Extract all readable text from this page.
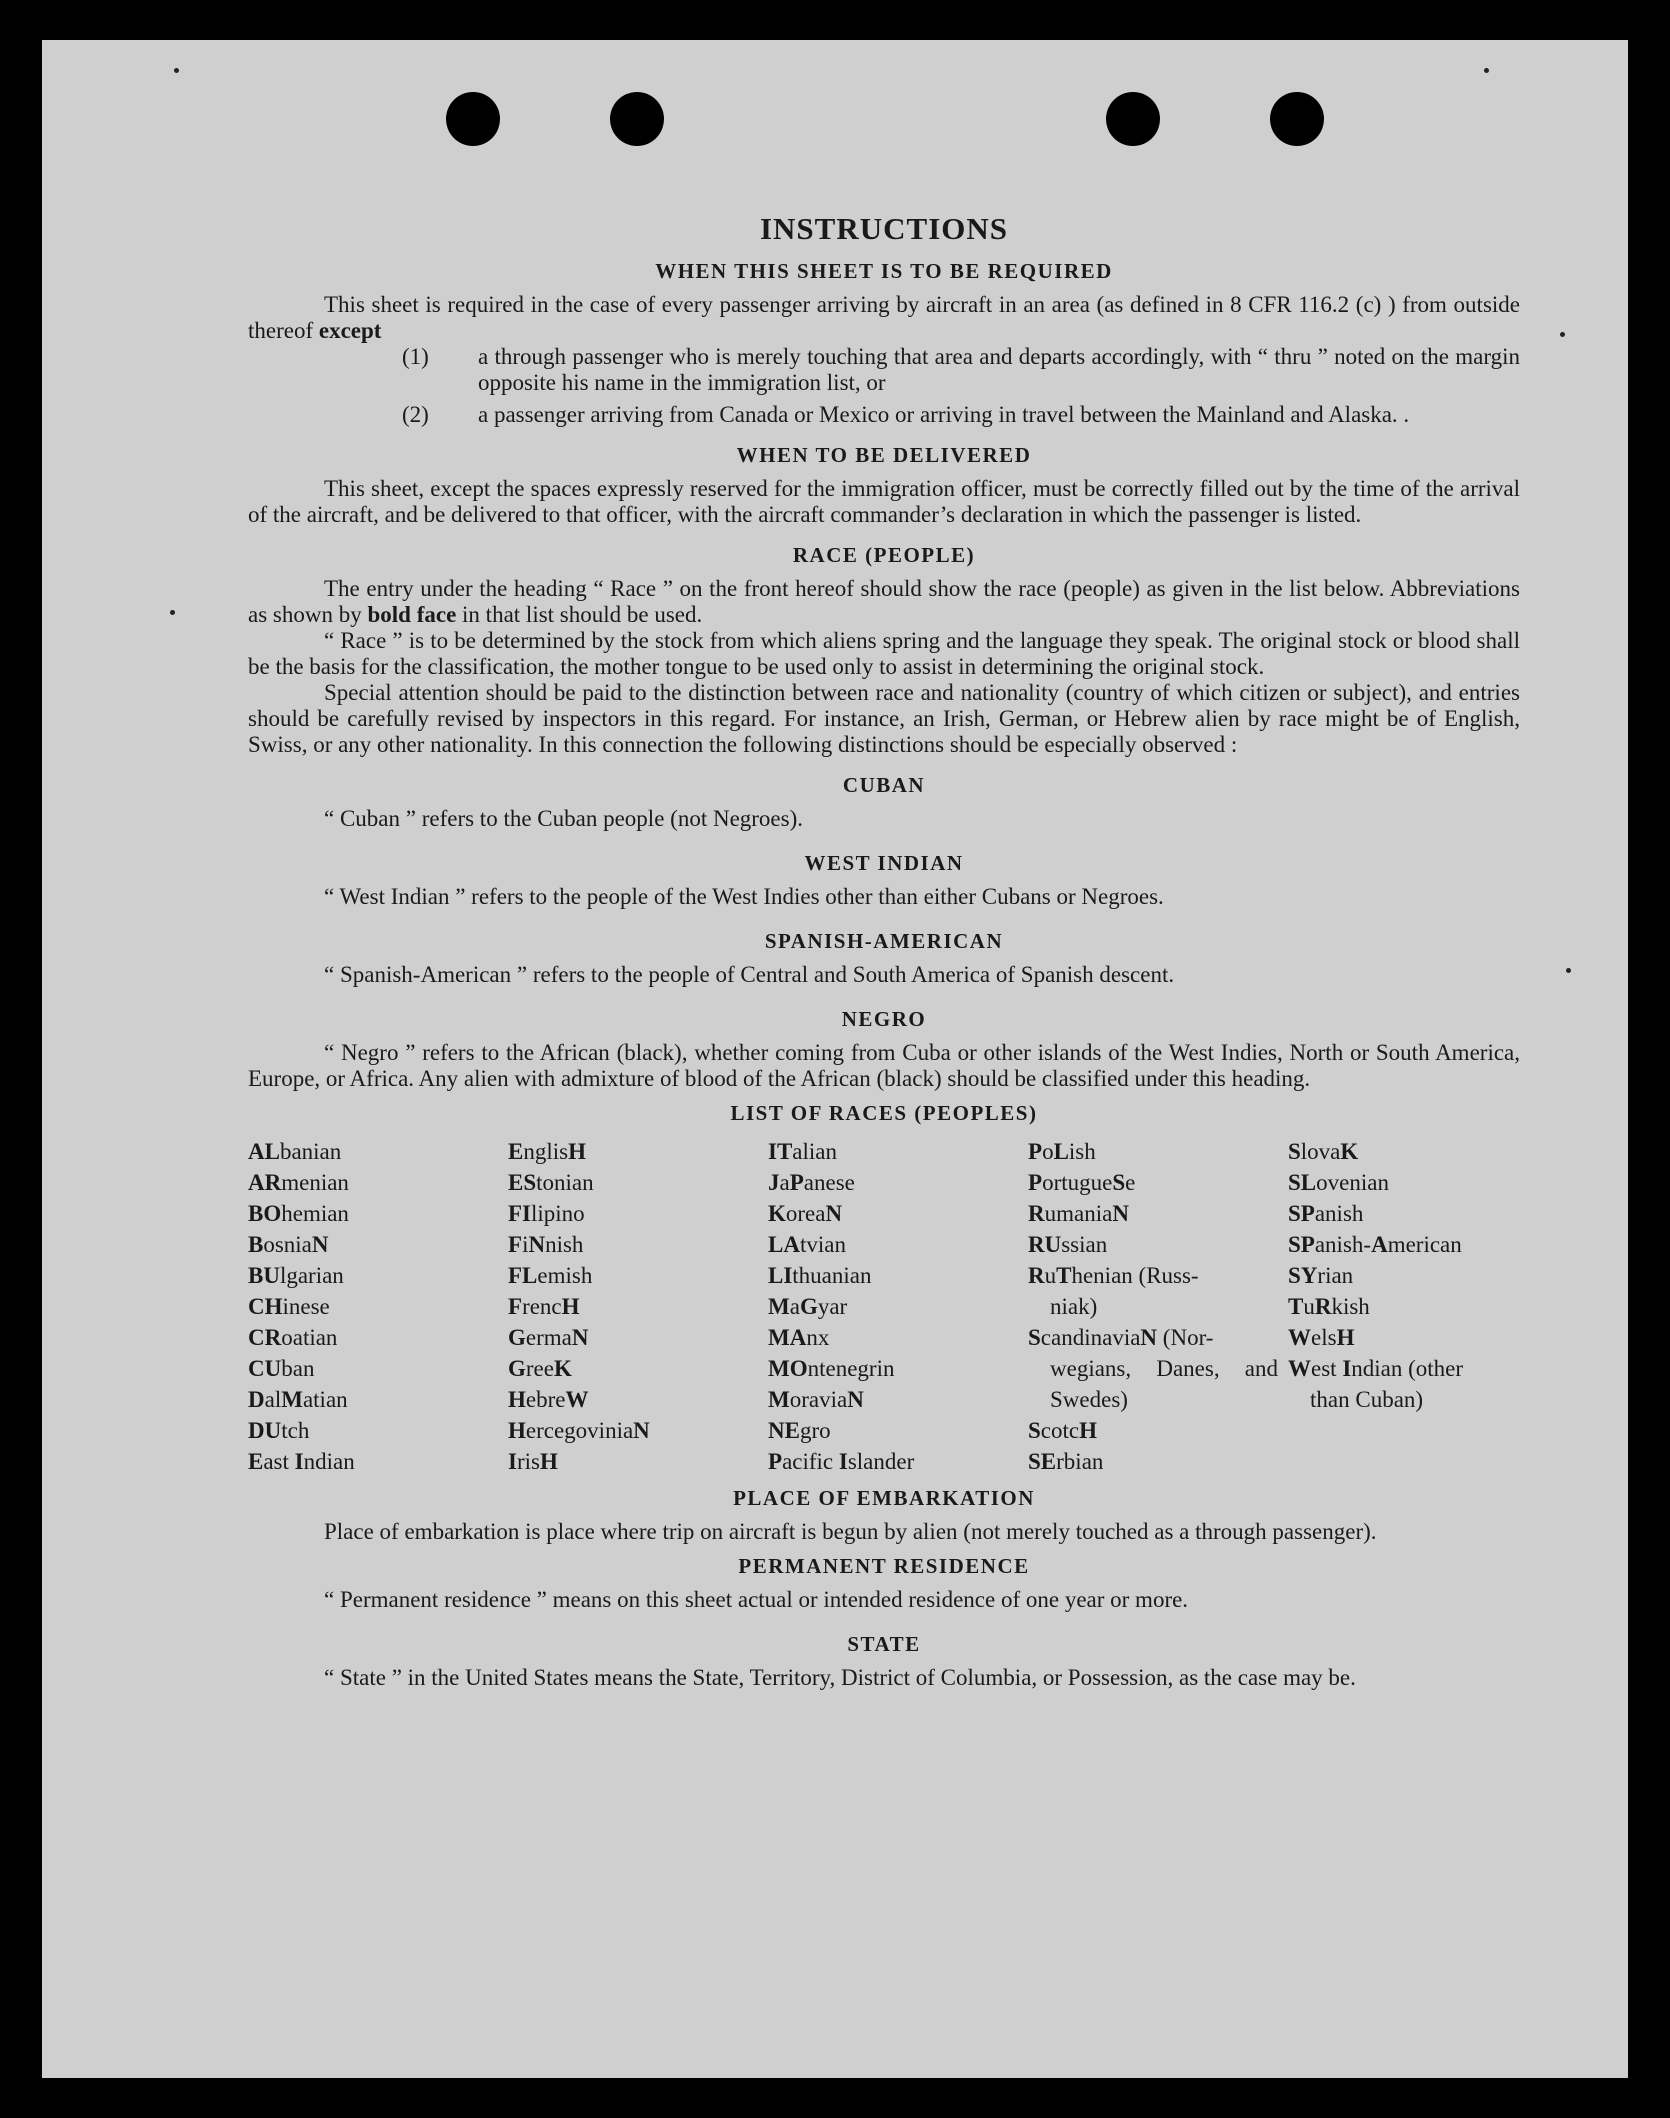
INSTRUCTIONS
WHEN THIS SHEET IS TO BE REQUIRED

This sheet is required in the case of every passenger arriving by aircraft in an area (as defined in 8 CFR 116.2 (c) ) from outside thereof except

(1) a through passenger who is merely touching that area and departs accordingly, with “ thru ” noted on the margin opposite his name in the immigration list, or
(2) a passenger arriving from Canada or Mexico or arriving in travel between the Mainland and Alaska. .
WHEN TO BE DELIVERED

This sheet, except the spaces expressly reserved for the immigration officer, must be correctly filled out by the time of the arrival of the aircraft, and be delivered to that officer, with the aircraft commander’s declaration in which the passenger is listed.

RACE (PEOPLE)

The entry under the heading “ Race ” on the front hereof should show the race (people) as given in the list below. Abbreviations as shown by bold face in that list should be used.

“ Race ” is to be determined by the stock from which aliens spring and the language they speak. The original stock or blood shall be the basis for the classification, the mother tongue to be used only to assist in determining the original stock.

Special attention should be paid to the distinction between race and nationality (country of which citizen or subject), and entries should be carefully revised by inspectors in this regard. For instance, an Irish, German, or Hebrew alien by race might be of English, Swiss, or any other nationality. In this connection the following distinctions should be especially observed :

CUBAN

“ Cuban ” refers to the Cuban people (not Negroes).

WEST INDIAN

“ West Indian ” refers to the people of the West Indies other than either Cubans or Negroes.

SPANISH-AMERICAN

“ Spanish-American ” refers to the people of Central and South America of Spanish descent.

NEGRO

“ Negro ” refers to the African (black), whether coming from Cuba or other islands of the West Indies, North or South America, Europe, or Africa. Any alien with admixture of blood of the African (black) should be classified under this heading.

LIST OF RACES (PEOPLES)
ALbanian
ARmenian
BOhemian
BosniaN
BUlgarian
CHinese
CRoatian
CUban
DalMatian
DUtch
East Indian
EnglisH
EStonian
FIlipino
FiNnish
FLemish
FrencH
GermaN
GreeK
HebreW
HercegoviniaN
IrisH
ITalian
JaPanese
KoreaN
LAtvian
LIthuanian
MaGyar
MAnx
MOntenegrin
MoraviaN
NEgro
Pacific Islander
PoLish
PortugueSe
RumaniaN
RUssian
RuThenian (Russ-
niak)
ScandinaviaN (Nor-
wegians, Danes, and Swedes)
ScotcH
SErbian
SlovaK
SLovenian
SPanish
SPanish-American
SYrian
TuRkish
WelsH
West Indian (other
than Cuban)
PLACE OF EMBARKATION

Place of embarkation is place where trip on aircraft is begun by alien (not merely touched as a through passenger).

PERMANENT RESIDENCE

“ Permanent residence ” means on this sheet actual or intended residence of one year or more.

STATE

“ State ” in the United States means the State, Territory, District of Columbia, or Possession, as the case may be.
